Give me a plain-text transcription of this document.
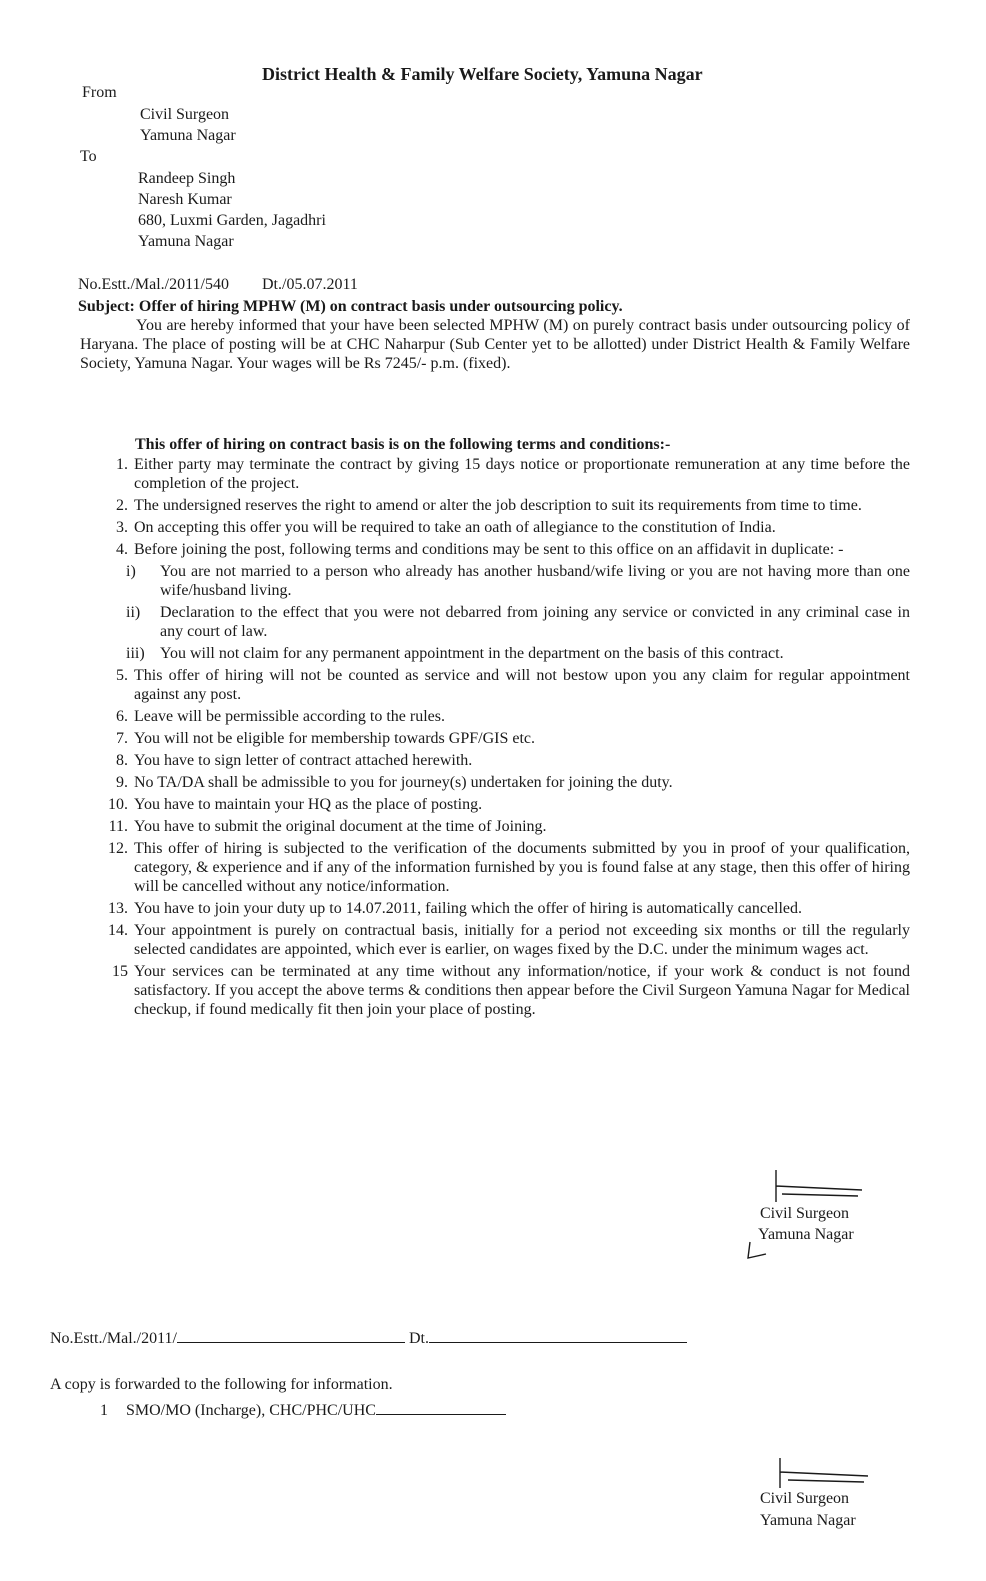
District Health & Family Welfare Society, Yamuna Nagar
From
Civil Surgeon
Yamuna Nagar
To
Randeep Singh
Naresh Kumar
680, Luxmi Garden, Jagadhri
Yamuna Nagar
No.Estt./Mal./2011/540 Dt./05.07.2011
Subject: Offer of hiring MPHW (M) on contract basis under outsourcing policy.
You are hereby informed that your have been selected MPHW (M) on purely contract basis under outsourcing policy of Haryana. The place of posting will be at CHC Naharpur (Sub Center yet to be allotted) under District Health & Family Welfare Society, Yamuna Nagar. Your wages will be Rs 7245/- p.m. (fixed).
This offer of hiring on contract basis is on the following terms and conditions:-
1. Either party may terminate the contract by giving 15 days notice or proportionate remuneration at any time before the completion of the project.
2. The undersigned reserves the right to amend or alter the job description to suit its requirements from time to time.
3. On accepting this offer you will be required to take an oath of allegiance to the constitution of India.
4. Before joining the post, following terms and conditions may be sent to this office on an affidavit in duplicate: -
i) You are not married to a person who already has another husband/wife living or you are not having more than one wife/husband living.
ii) Declaration to the effect that you were not debarred from joining any service or convicted in any criminal case in any court of law.
iii) You will not claim for any permanent appointment in the department on the basis of this contract.
5. This offer of hiring will not be counted as service and will not bestow upon you any claim for regular appointment against any post.
6. Leave will be permissible according to the rules.
7. You will not be eligible for membership towards GPF/GIS etc.
8. You have to sign letter of contract attached herewith.
9. No TA/DA shall be admissible to you for journey(s) undertaken for joining the duty.
10. You have to maintain your HQ as the place of posting.
11. You have to submit the original document at the time of Joining.
12. This offer of hiring is subjected to the verification of the documents submitted by you in proof of your qualification, category, & experience and if any of the information furnished by you is found false at any stage, then this offer of hiring will be cancelled without any notice/information.
13. You have to join your duty up to 14.07.2011, failing which the offer of hiring is automatically cancelled.
14. Your appointment is purely on contractual basis, initially for a period not exceeding six months or till the regularly selected candidates are appointed, which ever is earlier, on wages fixed by the D.C. under the minimum wages act.
15 Your services can be terminated at any time without any information/notice, if your work & conduct is not found satisfactory. If you accept the above terms & conditions then appear before the Civil Surgeon Yamuna Nagar for Medical checkup, if found medically fit then join your place of posting.
Civil Surgeon
Yamuna Nagar
No.Estt./Mal./2011/	Dt.
A copy is forwarded to the following for information.
1 SMO/MO (Incharge), CHC/PHC/UHC
Civil Surgeon
Yamuna Nagar
